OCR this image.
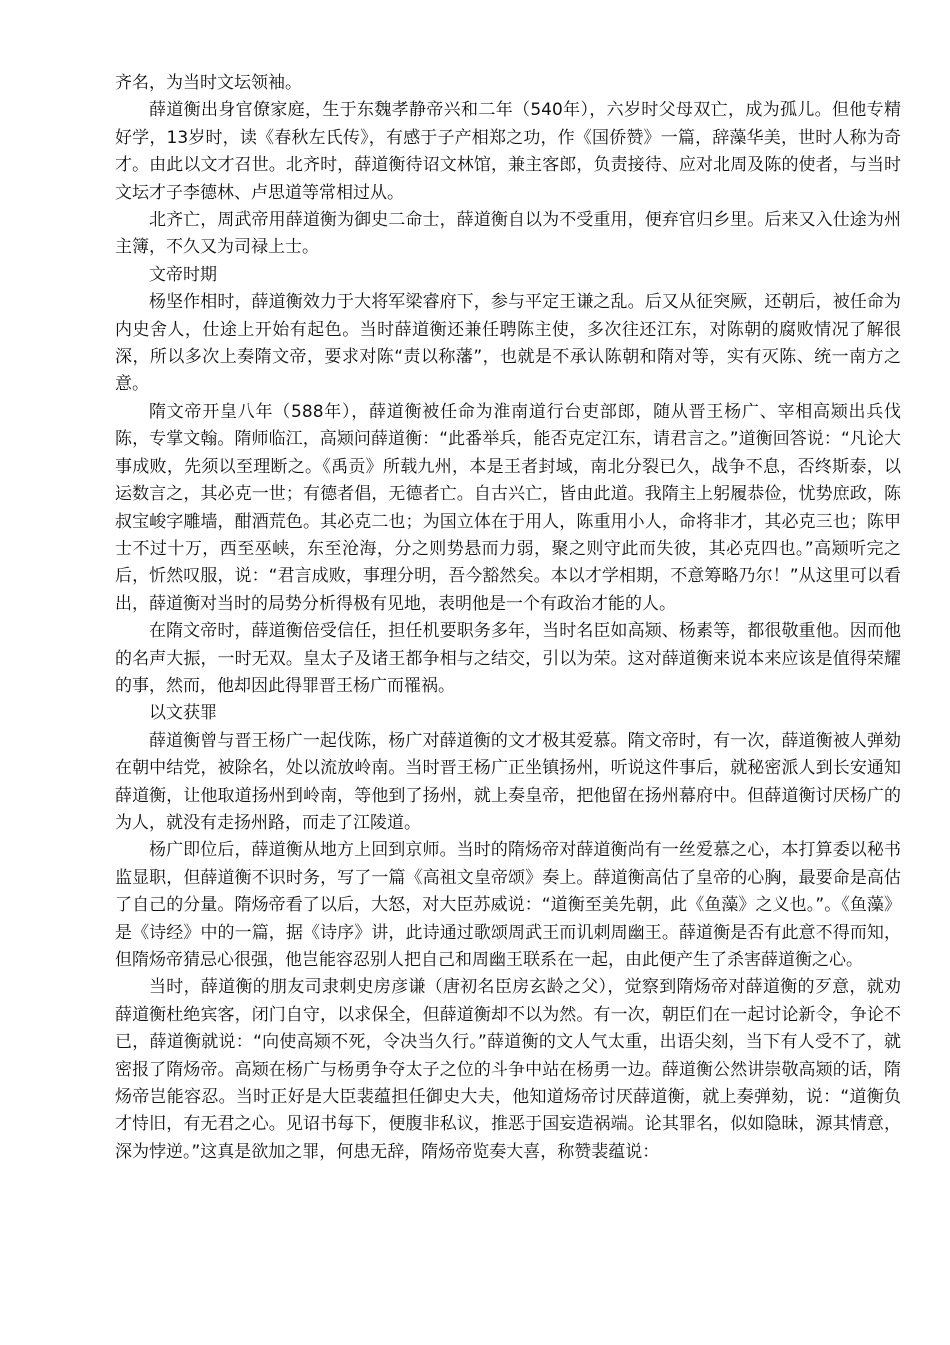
齐名，为当时文坛领袖。

薛道衡出身官僚家庭，生于东魏孝静帝兴和二年（540年），六岁时父母双亡，成为孤儿。但他专精好学，13岁时，读《春秋左氏传》，有感于子产相郑之功，作《国侨赞》一篇，辞藻华美，世时人称为奇才。由此以文才召世。北齐时，薛道衡待诏文林馆，兼主客郎，负责接待、应对北周及陈的使者，与当时文坛才子李德林、卢思道等常相过从。

北齐亡，周武帝用薛道衡为御史二命士，薛道衡自以为不受重用，便弃官归乡里。后来又入仕途为州主簿，不久又为司禄上士。

文帝时期

杨坚作相时，薛道衡效力于大将军梁睿府下，参与平定王谦之乱。后又从征突厥，还朝后，被任命为内史舍人，仕途上开始有起色。当时薛道衡还兼任聘陈主使，多次往还江东，对陈朝的腐败情况了解很深，所以多次上奏隋文帝，要求对陈“责以称藩”，也就是不承认陈朝和隋对等，实有灭陈、统一南方之意。

隋文帝开皇八年（588年），薛道衡被任命为淮南道行台吏部郎，随从晋王杨广、宰相高颎出兵伐陈，专掌文翰。隋师临江，高颎问薛道衡：“此番举兵，能否克定江东，请君言之。”道衡回答说：“凡论大事成败，先须以至理断之。《禹贡》所载九州，本是王者封域，南北分裂已久，战争不息，否终斯泰，以运数言之，其必克一世；有德者倡，无德者亡。自古兴亡，皆由此道。我隋主上躬履恭俭，忧势庶政，陈叔宝峻字雕墙，酣酒荒色。其必克二也；为国立体在于用人，陈重用小人，命将非才，其必克三也；陈甲士不过十万，西至巫峡，东至沧海，分之则势悬而力弱，聚之则守此而失彼，其必克四也。”高颎听完之后，忻然叹服，说：“君言成败，事理分明，吾今豁然矣。本以才学相期，不意筹略乃尔！”从这里可以看出，薛道衡对当时的局势分析得极有见地，表明他是一个有政治才能的人。

在隋文帝时，薛道衡倍受信任，担任机要职务多年，当时名臣如高颎、杨素等，都很敬重他。因而他的名声大振，一时无双。皇太子及诸王都争相与之结交，引以为荣。这对薛道衡来说本来应该是值得荣耀的事，然而，他却因此得罪晋王杨广而罹祸。

以文获罪

薛道衡曾与晋王杨广一起伐陈，杨广对薛道衡的文才极其爱慕。隋文帝时，有一次，薛道衡被人弹劾在朝中结党，被除名，处以流放岭南。当时晋王杨广正坐镇扬州，听说这件事后，就秘密派人到长安通知薛道衡，让他取道扬州到岭南，等他到了扬州，就上奏皇帝，把他留在扬州幕府中。但薛道衡讨厌杨广的为人，就没有走扬州路，而走了江陵道。

杨广即位后，薛道衡从地方上回到京师。当时的隋炀帝对薛道衡尚有一丝爱慕之心，本打算委以秘书监显职，但薛道衡不识时务，写了一篇《高祖文皇帝颂》奏上。薛道衡高估了皇帝的心胸，最要命是高估了自己的分量。隋炀帝看了以后，大怒，对大臣苏威说：“道衡至美先朝，此《鱼藻》之义也。”。《鱼藻》是《诗经》中的一篇，据《诗序》讲，此诗通过歌颂周武王而讥刺周幽王。薛道衡是否有此意不得而知，但隋炀帝猜忌心很强，他岂能容忍别人把自己和周幽王联系在一起，由此便产生了杀害薛道衡之心。

当时，薛道衡的朋友司隶刺史房彦谦（唐初名臣房玄龄之父），觉察到隋炀帝对薛道衡的歹意，就劝薛道衡杜绝宾客，闭门自守，以求保全，但薛道衡却不以为然。有一次，朝臣们在一起讨论新令，争论不已，薛道衡就说：“向使高颎不死，令决当久行。”薛道衡的文人气太重，出语尖刻，当下有人受不了，就密报了隋炀帝。高颎在杨广与杨勇争夺太子之位的斗争中站在杨勇一边。薛道衡公然讲崇敬高颎的话，隋炀帝岂能容忍。当时正好是大臣裴蕴担任御史大夫，他知道炀帝讨厌薛道衡，就上奏弹劾，说：“道衡负才恃旧，有无君之心。见诏书每下，便腹非私议，推恶于国妄造祸端。论其罪名，似如隐昧，源其情意，深为悖逆。”这真是欲加之罪，何患无辞，隋炀帝览奏大喜，称赞裴蕴说：
